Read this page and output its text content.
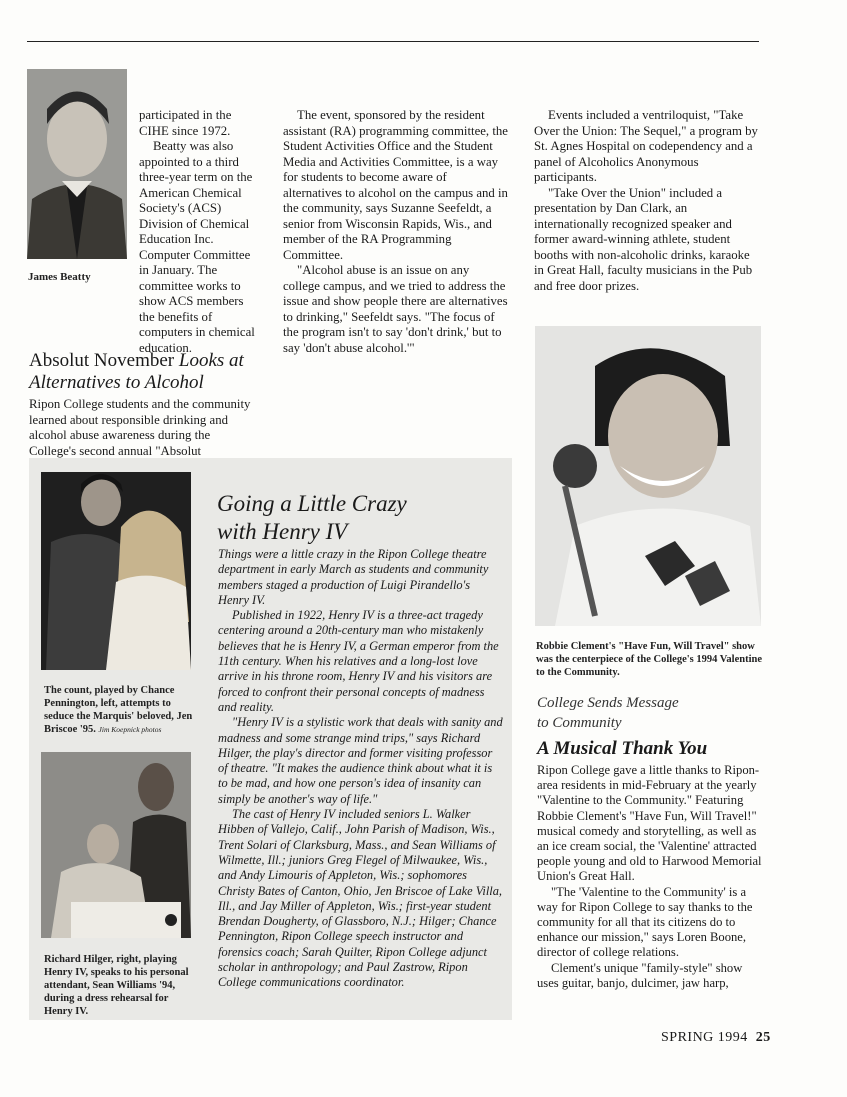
James Beatty

participated in the CIHE since 1972.

Beatty was also appointed to a third three-year term on the American Chemical Society's (ACS) Division of Chemical Education Inc. Computer Committee in January. The committee works to show ACS members the benefits of computers in chemical education.

Absolut November Looks at Alternatives to Alcohol

Ripon College students and the community learned about responsible drinking and alcohol abuse awareness during the College's second annual "Absolut

The event, sponsored by the resident assistant (RA) programming committee, the Student Activities Office and the Student Media and Activities Committee, is a way for students to become aware of alternatives to alcohol on the campus and in the community, says Suzanne Seefeldt, a senior from Wisconsin Rapids, Wis., and member of the RA Programming Committee.

"Alcohol abuse is an issue on any college campus, and we tried to address the issue and show people there are alternatives to drinking," Seefeldt says. "The focus of the program isn't to say 'don't drink,' but to say 'don't abuse alcohol.'"

Events included a ventriloquist, "Take Over the Union: The Sequel," a program by St. Agnes Hospital on codependency and a panel of Alcoholics Anonymous participants.

"Take Over the Union" included a presentation by Dan Clark, an internationally recognized speaker and former award-winning athlete, student booths with non-alcoholic drinks, karaoke in Great Hall, faculty musicians in the Pub and free door prizes.

The count, played by Chance Pennington, left, attempts to seduce the Marquis' beloved, Jen Briscoe '95. Jim Koepnick photos
Richard Hilger, right, playing Henry IV, speaks to his personal attendant, Sean Williams '94, during a dress rehearsal for Henry IV.
Going a Little Crazy
with Henry IV

Things were a little crazy in the Ripon College theatre department in early March as students and community members staged a production of Luigi Pirandello's Henry IV.

Published in 1922, Henry IV is a three-act tragedy centering around a 20th-century man who mistakenly believes that he is Henry IV, a German emperor from the 11th century. When his relatives and a long-lost love arrive in his throne room, Henry IV and his visitors are forced to confront their personal concepts of madness and reality.

"Henry IV is a stylistic work that deals with sanity and madness and some strange mind trips," says Richard Hilger, the play's director and former visiting professor of theatre. "It makes the audience think about what it is to be mad, and how one person's idea of insanity can simply be another's way of life."

The cast of Henry IV included seniors L. Walker Hibben of Vallejo, Calif., John Parish of Madison, Wis., Trent Solari of Clarksburg, Mass., and Sean Williams of Wilmette, Ill.; juniors Greg Flegel of Milwaukee, Wis., and Andy Limouris of Appleton, Wis.; sophomores Christy Bates of Canton, Ohio, Jen Briscoe of Lake Villa, Ill., and Jay Miller of Appleton, Wis.; first-year student Brendan Dougherty, of Glassboro, N.J.; Hilger; Chance Pennington, Ripon College speech instructor and forensics coach; Sarah Quilter, Ripon College adjunct scholar in anthropology; and Paul Zastrow, Ripon College communications coordinator.

Robbie Clement's "Have Fun, Will Travel" show was the centerpiece of the College's 1994 Valentine to the Community.
College Sends Message
to Community
A Musical Thank You

Ripon College gave a little thanks to Ripon-area residents in mid-February at the yearly "Valentine to the Community." Featuring Robbie Clement's "Have Fun, Will Travel!" musical comedy and storytelling, as well as an ice cream social, the 'Valentine' attracted people young and old to Harwood Memorial Union's Great Hall.

"The 'Valentine to the Community' is a way for Ripon College to say thanks to the community for all that its citizens do to enhance our mission," says Loren Boone, director of college relations.

Clement's unique "family-style" show uses guitar, banjo, dulcimer, jaw harp,

SPRING 1994 25
